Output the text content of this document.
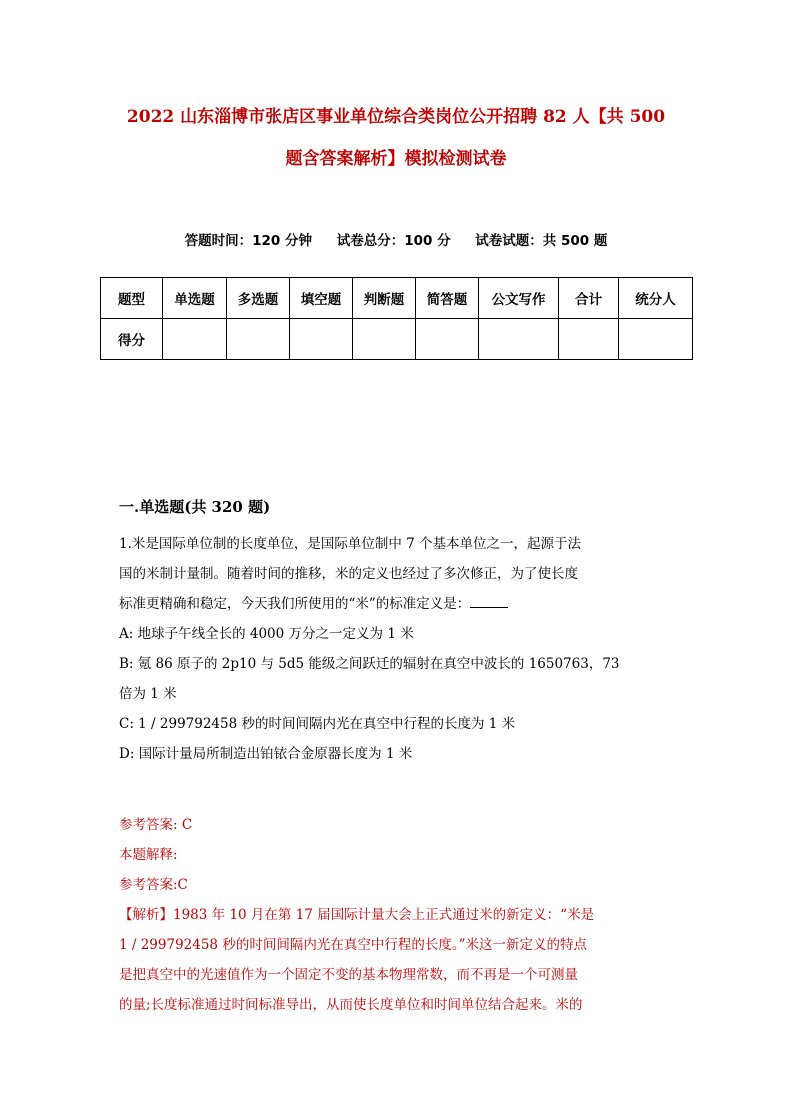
2022 山东淄博市张店区事业单位综合类岗位公开招聘 82 人【共 500
题含答案解析】模拟检测试卷
答题时间：120 分钟 试卷总分：100 分 试卷试题：共 500 题
题型	单选题	多选题	填空题	判断题	简答题	公文写作	合计	统分人
得分								
一.单选题(共 320 题)
1.米是国际单位制的长度单位，是国际单位制中 7 个基本单位之一，起源于法
国的米制计量制。随着时间的推移，米的定义也经过了多次修正，为了使长度
标准更精确和稳定，今天我们所使用的“米”的标准定义是：
A: 地球子午线全长的 4000 万分之一定义为 1 米
B: 氪 86 原子的 2p10 与 5d5 能级之间跃迁的辐射在真空中波长的 1650763，73
倍为 1 米
C: 1 / 299792458 秒的时间间隔内光在真空中行程的长度为 1 米
D: 国际计量局所制造出铂铱合金原器长度为 1 米
参考答案: C
本题解释:
参考答案:C
【解析】1983 年 10 月在第 17 届国际计量大会上正式通过米的新定义：“米是
1 / 299792458 秒的时间间隔内光在真空中行程的长度。”米这一新定义的特点
是把真空中的光速值作为一个固定不变的基本物理常数，而不再是一个可测量
的量;长度标准通过时间标准导出，从而使长度单位和时间单位结合起来。米的
